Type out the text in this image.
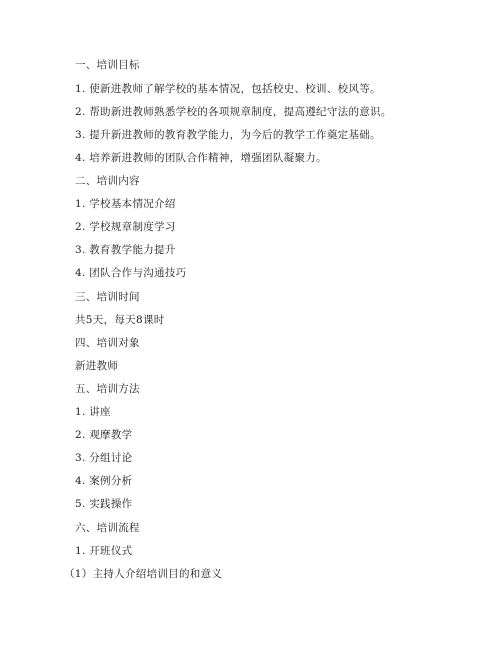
一、培训目标
1. 使新进教师了解学校的基本情况，包括校史、校训、校风等。
2. 帮助新进教师熟悉学校的各项规章制度，提高遵纪守法的意识。
3. 提升新进教师的教育教学能力，为今后的教学工作奠定基础。
4. 培养新进教师的团队合作精神，增强团队凝聚力。
二、培训内容
1. 学校基本情况介绍
2. 学校规章制度学习
3. 教育教学能力提升
4. 团队合作与沟通技巧
三、培训时间
共5天，每天8课时
四、培训对象
新进教师
五、培训方法
1. 讲座
2. 观摩教学
3. 分组讨论
4. 案例分析
5. 实践操作
六、培训流程
1. 开班仪式
（1）主持人介绍培训目的和意义
